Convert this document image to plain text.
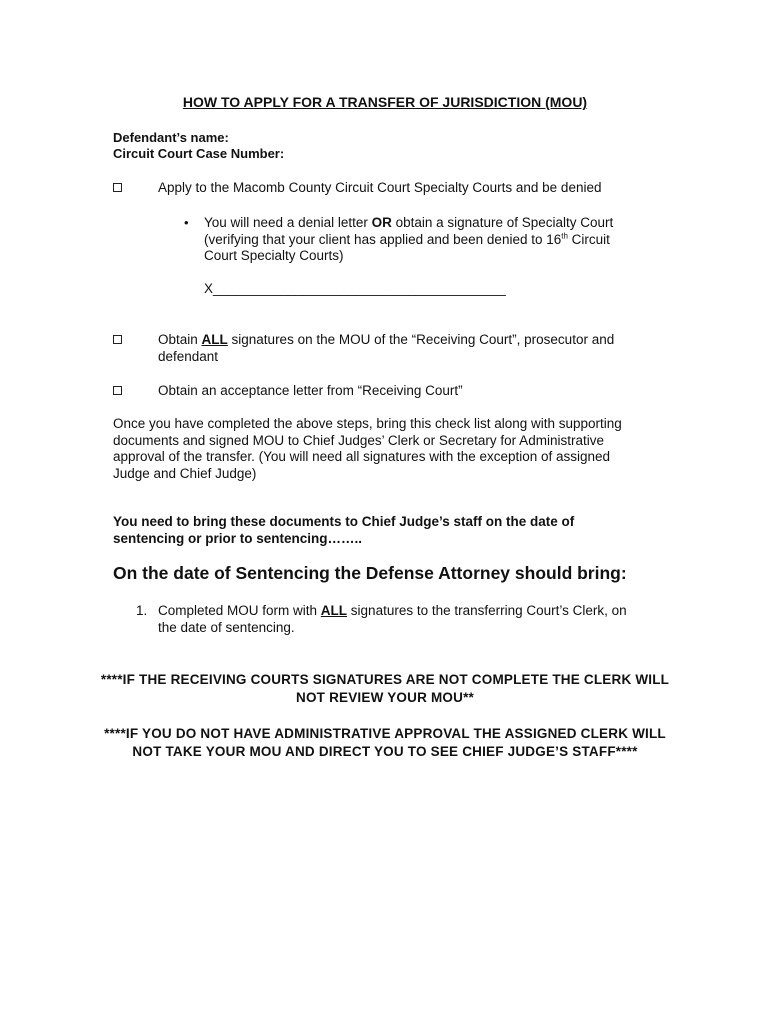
HOW TO APPLY FOR A TRANSFER OF JURISDICTION (MOU)
Defendant’s name:
Circuit Court Case Number:
Apply to the Macomb County Circuit Court Specialty Courts and be denied
• You will need a denial letter OR obtain a signature of Specialty Court (verifying that your client has applied and been denied to 16th Circuit Court Specialty Courts)
X_______________________________________
Obtain ALL signatures on the MOU of the “Receiving Court”, prosecutor and defendant
Obtain an acceptance letter from “Receiving Court”
Once you have completed the above steps, bring this check list along with supporting documents and signed MOU to Chief Judges’ Clerk or Secretary for Administrative approval of the transfer. (You will need all signatures with the exception of assigned Judge and Chief Judge)
You need to bring these documents to Chief Judge’s staff on the date of sentencing or prior to sentencing……..
On the date of Sentencing the Defense Attorney should bring:
1. Completed MOU form with ALL signatures to the transferring Court’s Clerk, on the date of sentencing.
****IF THE RECEIVING COURTS SIGNATURES ARE NOT COMPLETE THE CLERK WILL NOT REVIEW YOUR MOU**
****IF YOU DO NOT HAVE ADMINISTRATIVE APPROVAL THE ASSIGNED CLERK WILL NOT TAKE YOUR MOU AND DIRECT YOU TO SEE CHIEF JUDGE’S STAFF****
